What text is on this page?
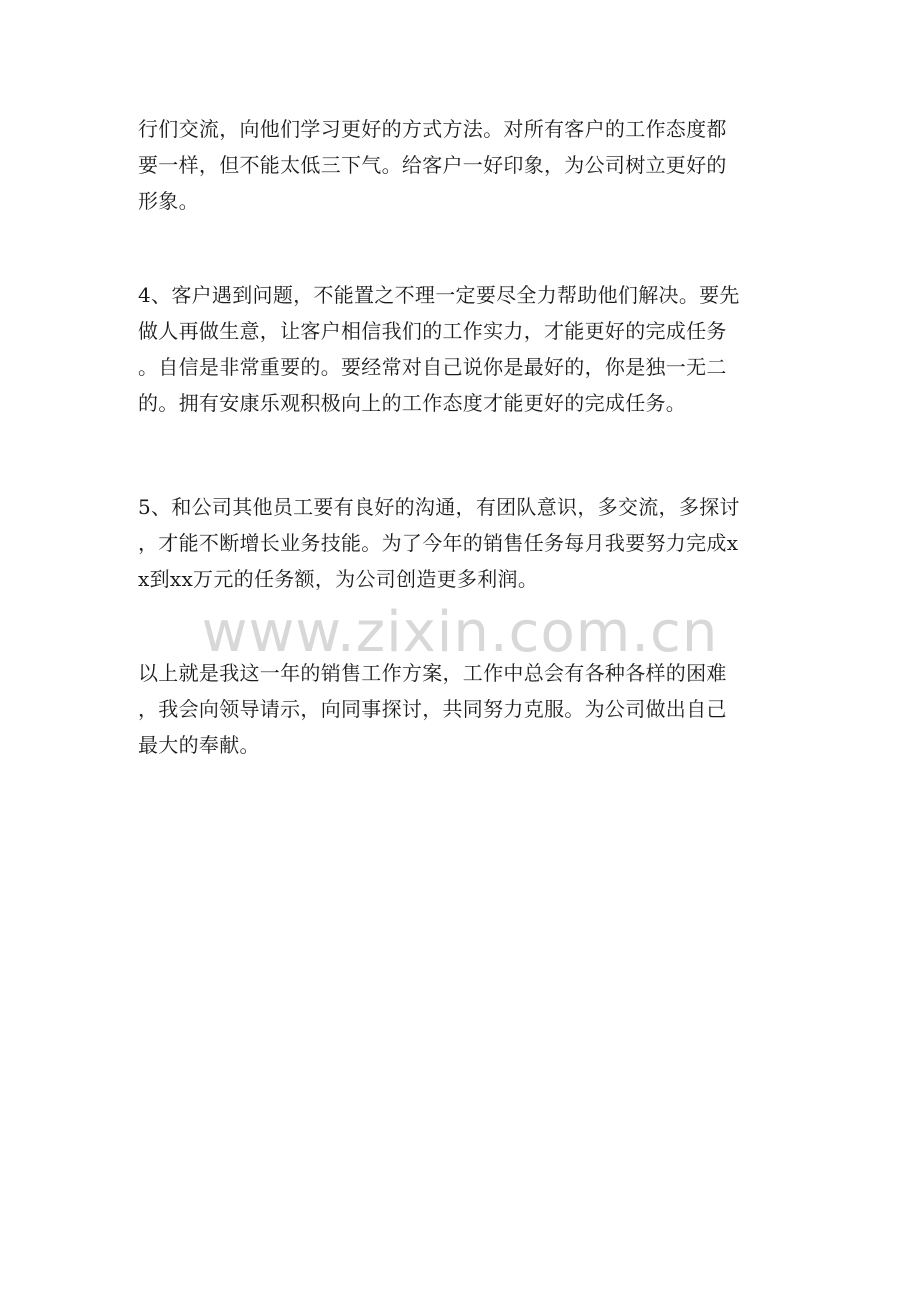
行们交流，向他们学习更好的方式方法。对所有客户的工作态度都
要一样，但不能太低三下气。给客户一好印象，为公司树立更好的
形象。
4、客户遇到问题，不能置之不理一定要尽全力帮助他们解决。要先
做人再做生意，让客户相信我们的工作实力，才能更好的完成任务
。自信是非常重要的。要经常对自己说你是最好的，你是独一无二
的。拥有安康乐观积极向上的工作态度才能更好的完成任务。
5、和公司其他员工要有良好的沟通，有团队意识，多交流，多探讨
，才能不断增长业务技能。为了今年的销售任务每月我要努力完成x
x到xx万元的任务额，为公司创造更多利润。
www.zixin.com.cn
以上就是我这一年的销售工作方案，工作中总会有各种各样的困难
，我会向领导请示，向同事探讨，共同努力克服。为公司做出自己
最大的奉献。
